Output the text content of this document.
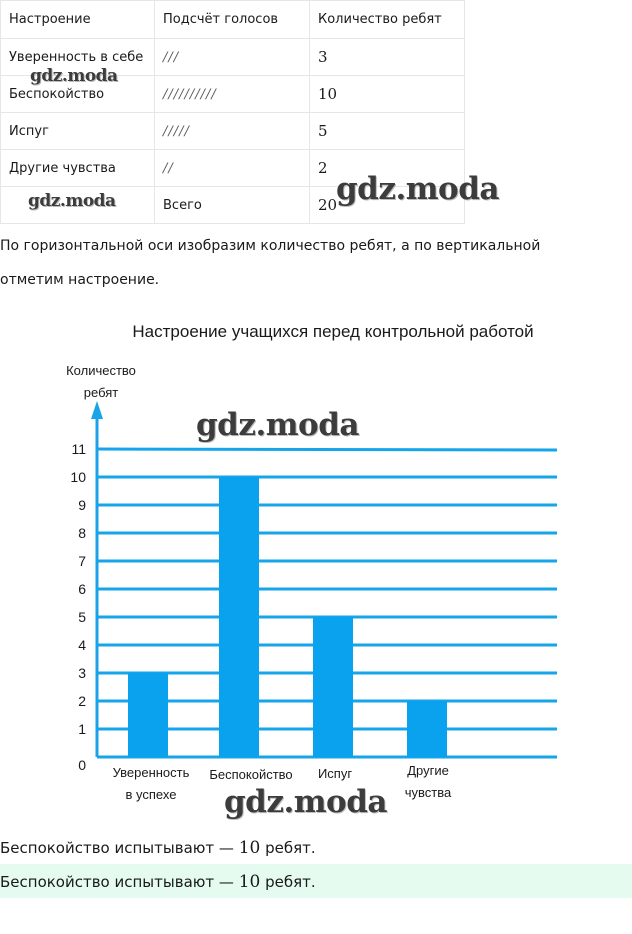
Настроение	Подсчёт голосов	Количество ребят
Уверенность в себе	///	3
Беспокойство	//////////	10
Испуг	/////	5
Другие чувства	//	2
	Всего	20
gdz.moda
gdz.moda	gdz.moda

По горизонтальной оси изобразим количество ребят, а по вертикальной

отметим настроение.

Настроение учащихся перед контрольной работой
0
1
2
3
4
5
6
7
8
9
10
11
Количество
ребят
Уверенность
в успехе
Беспокойство Испуг	Другие
чувства
gdz.moda
gdz.moda

Беспокойство испытывают — 10 ребят.

Беспокойство испытывают — 10 ребят.
